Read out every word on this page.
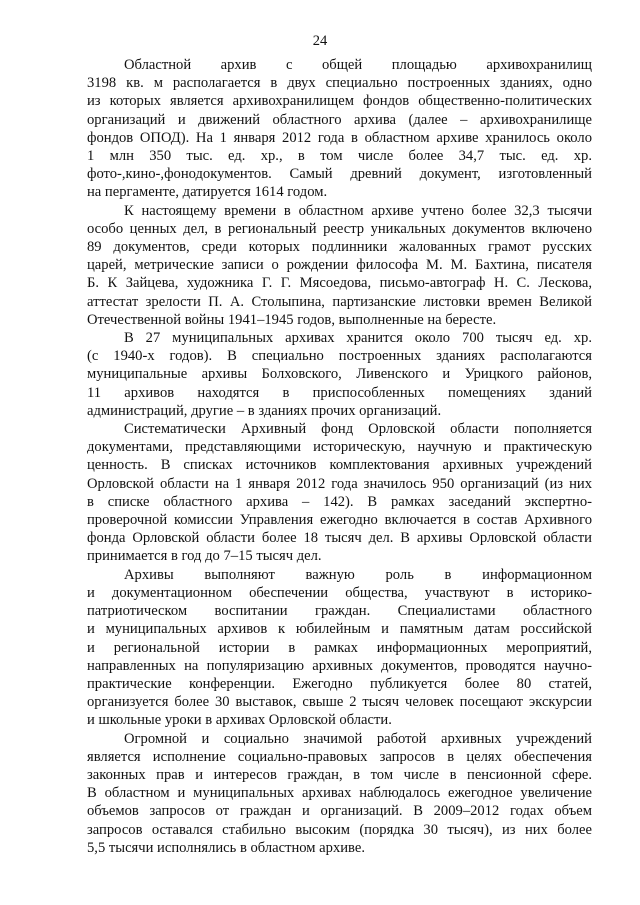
24
Областной архив с общей площадью архивохранилищ
3198 кв. м располагается в двух специально построенных зданиях, одно
из которых является архивохранилищем фондов общественно-политических
организаций и движений областного архива (далее – архивохранилище
фондов ОПОД). На 1 января 2012 года в областном архиве хранилось около
1 млн 350 тыс. ед. хр., в том числе более 34,7 тыс. ед. хр.
фото-,кино-,фонодокументов. Самый древний документ, изготовленный
на пергаменте, датируется 1614 годом.
К настоящему времени в областном архиве учтено более 32,3 тысячи
особо ценных дел, в региональный реестр уникальных документов включено
89 документов, среди которых подлинники жалованных грамот русских
царей, метрические записи о рождении философа М. М. Бахтина, писателя
Б. К Зайцева, художника Г. Г. Мясоедова, письмо-автограф Н. С. Лескова,
аттестат зрелости П. А. Столыпина, партизанские листовки времен Великой
Отечественной войны 1941–1945 годов, выполненные на бересте.
В 27 муниципальных архивах хранится около 700 тысяч ед. хр.
(с 1940-х годов). В специально построенных зданиях располагаются
муниципальные архивы Болховского, Ливенского и Урицкого районов,
11 архивов находятся в приспособленных помещениях зданий
администраций, другие – в зданиях прочих организаций.
Систематически Архивный фонд Орловской области пополняется
документами, представляющими историческую, научную и практическую
ценность. В списках источников комплектования архивных учреждений
Орловской области на 1 января 2012 года значилось 950 организаций (из них
в списке областного архива – 142). В рамках заседаний экспертно-
проверочной комиссии Управления ежегодно включается в состав Архивного
фонда Орловской области более 18 тысяч дел. В архивы Орловской области
принимается в год до 7–15 тысяч дел.
Архивы выполняют важную роль в информационном
и документационном обеспечении общества, участвуют в историко-
патриотическом воспитании граждан. Специалистами областного
и муниципальных архивов к юбилейным и памятным датам российской
и региональной истории в рамках информационных мероприятий,
направленных на популяризацию архивных документов, проводятся научно-
практические конференции. Ежегодно публикуется более 80 статей,
организуется более 30 выставок, свыше 2 тысяч человек посещают экскурсии
и школьные уроки в архивах Орловской области.
Огромной и социально значимой работой архивных учреждений
является исполнение социально-правовых запросов в целях обеспечения
законных прав и интересов граждан, в том числе в пенсионной сфере.
В областном и муниципальных архивах наблюдалось ежегодное увеличение
объемов запросов от граждан и организаций. В 2009–2012 годах объем
запросов оставался стабильно высоким (порядка 30 тысяч), из них более
5,5 тысячи исполнялись в областном архиве.
